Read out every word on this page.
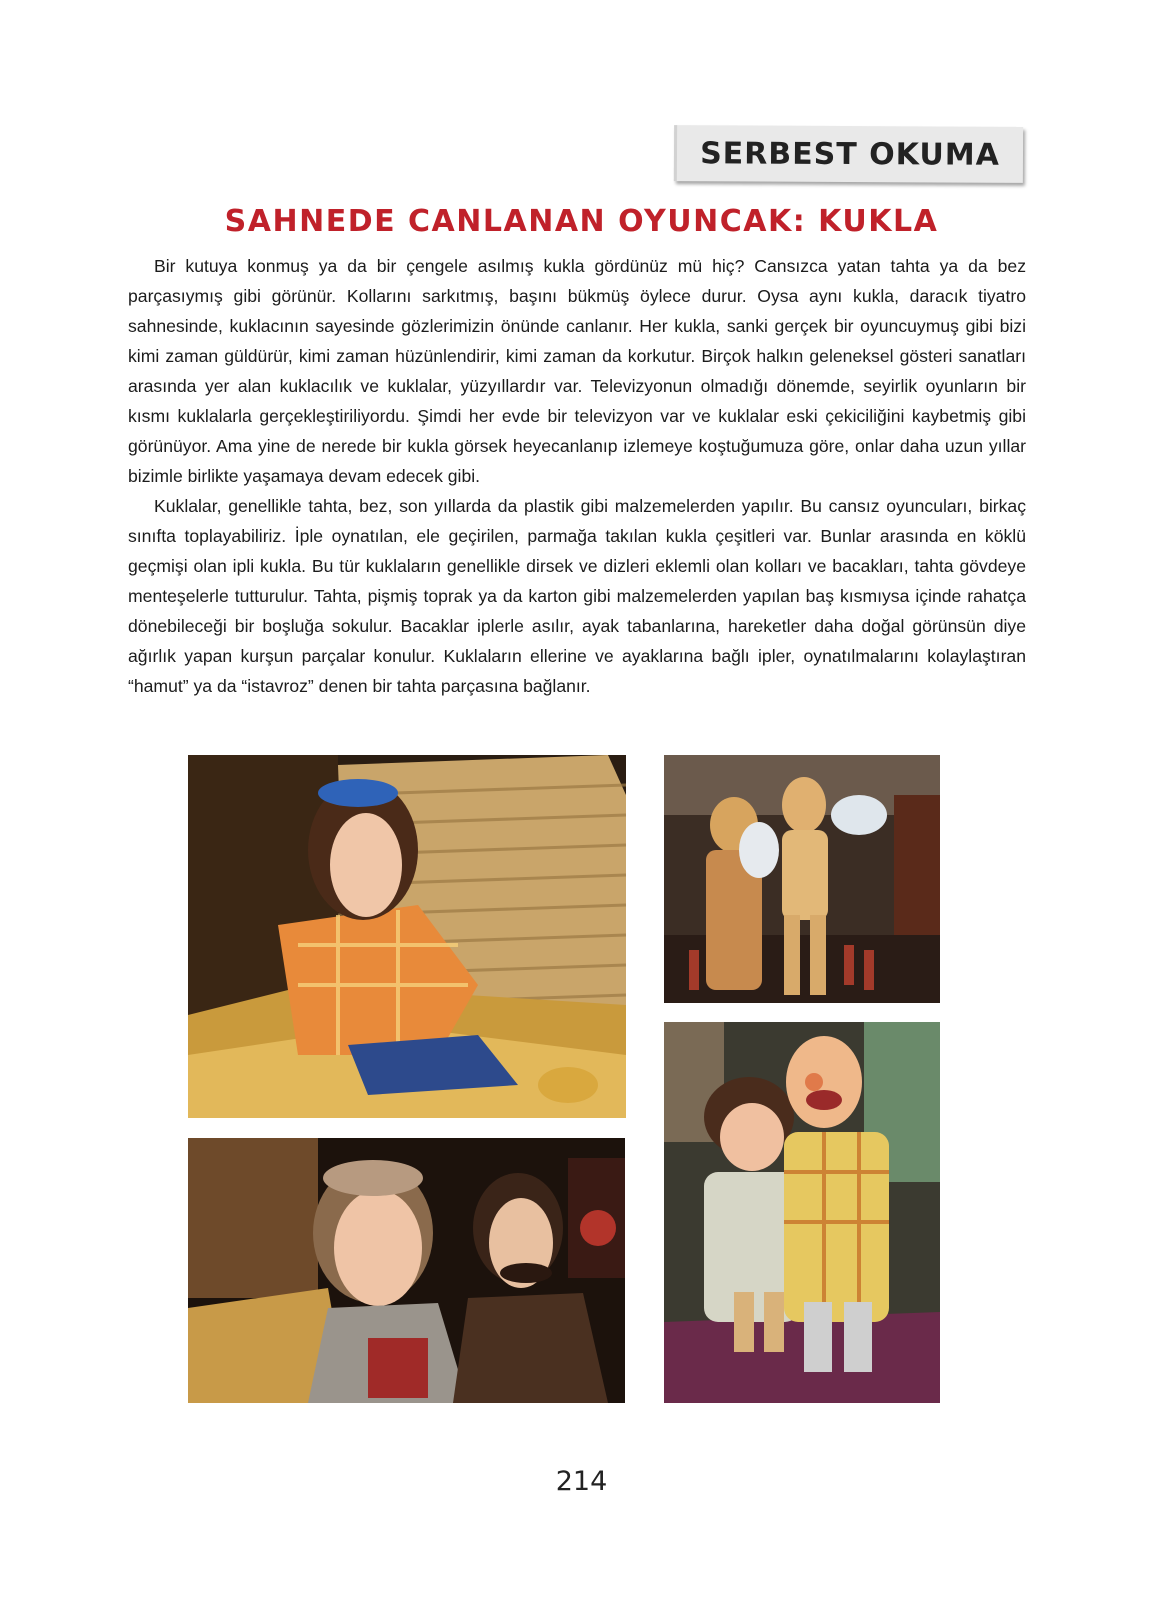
SERBEST OKUMA
SAHNEDE CANLANAN OYUNCAK: KUKLA

Bir kutuya konmuş ya da bir çengele asılmış kukla gördünüz mü hiç? Cansızca yatan tahta ya da bez parçasıymış gibi görünür. Kollarını sarkıtmış, başını bükmüş öylece durur. Oysa aynı kukla, daracık tiyatro sahnesinde, kuklacının sayesinde gözlerimizin önünde canlanır. Her kukla, sanki gerçek bir oyuncuymuş gibi bizi kimi zaman güldürür, kimi zaman hüzünlendirir, kimi zaman da korkutur. Birçok halkın geleneksel gösteri sanatları arasında yer alan kuklacılık ve kuklalar, yüzyıllardır var. Televizyonun olmadığı dönemde, seyirlik oyunların bir kısmı kuklalarla gerçekleştiriliyordu. Şimdi her evde bir televizyon var ve kuklalar eski çekiciliğini kaybetmiş gibi görünüyor. Ama yine de nerede bir kukla görsek heyecanlanıp izlemeye koştuğumuza göre, onlar daha uzun yıllar bizimle birlikte yaşamaya devam edecek gibi.

Kuklalar, genellikle tahta, bez, son yıllarda da plastik gibi malzemelerden yapılır. Bu cansız oyuncuları, birkaç sınıfta toplayabiliriz. İple oynatılan, ele geçirilen, parmağa takılan kukla çeşitleri var. Bunlar arasında en köklü geçmişi olan ipli kukla. Bu tür kuklaların genellikle dirsek ve dizleri eklemli olan kolları ve bacakları, tahta gövdeye menteşelerle tutturulur. Tahta, pişmiş toprak ya da karton gibi malzemelerden yapılan baş kısmıysa içinde rahatça dönebileceği bir boşluğa sokulur. Bacaklar iplerle asılır, ayak tabanlarına, hareketler daha doğal görünsün diye ağırlık yapan kurşun parçalar konulur. Kuklaların ellerine ve ayaklarına bağlı ipler, oynatılmalarını kolaylaştıran “hamut” ya da “istavroz” denen bir tahta parçasına bağlanır.

214
